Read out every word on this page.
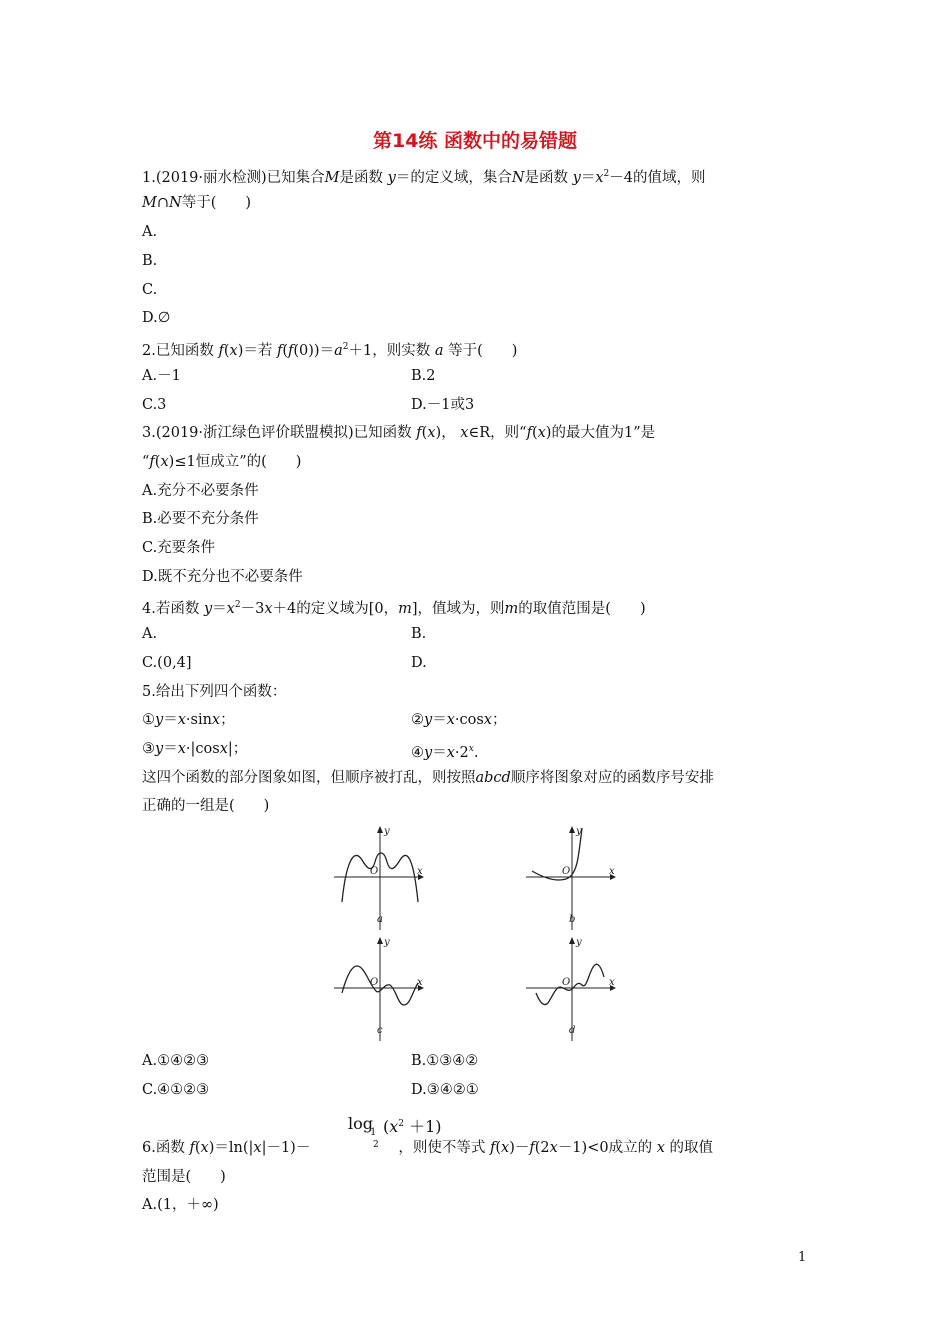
第14练 函数中的易错题
1.(2019·丽水检测)已知集合M是函数 y＝的定义域，集合N是函数 $y=x^2-4$的值域，则
M∩N等于(　　)
A.
B.
C.
D.∅
2.已知函数 f(x)＝若 $f(f(0))=a^2+1$，则实数 a 等于(　　)
A.－1	B.2
C.3	D.－1或3
3.(2019·浙江绿色评价联盟模拟)已知函数 f(x)， x∈R，则“f(x)的最大值为1”是
“f(x)≤1恒成立”的(　　)
A.充分不必要条件
B.必要不充分条件
C.充要条件
D.既不充分也不必要条件
4.若函数 $y=x^2-3x+4$的定义域为[0，m]，值域为，则m的取值范围是(　　)
A.	B.
C.(0,4]	D.
5.给出下列四个函数：
①y＝x·sinx；	②y＝x·cosx；
③y＝x·|cosx|；	$④y=x\cdot 2^x$.
这四个函数的部分图象如图，但顺序被打乱，则按照abcd顺序将图象对应的函数序号安排
正确的一组是(　　)
O	x
y
a
O	x
y
b
O	x
y
c
O	x
y
d
A.①④②③	B.①③④②
C.④①②③	D.③④②①
log
1
2
$(x^2 +1)$
6.函数 f(x)＝ln(|x|－1)－	，则使不等式 f(x)－f(2x－1)<0成立的 x 的取值
范围是(　　)
A.(1，＋∞)
1
